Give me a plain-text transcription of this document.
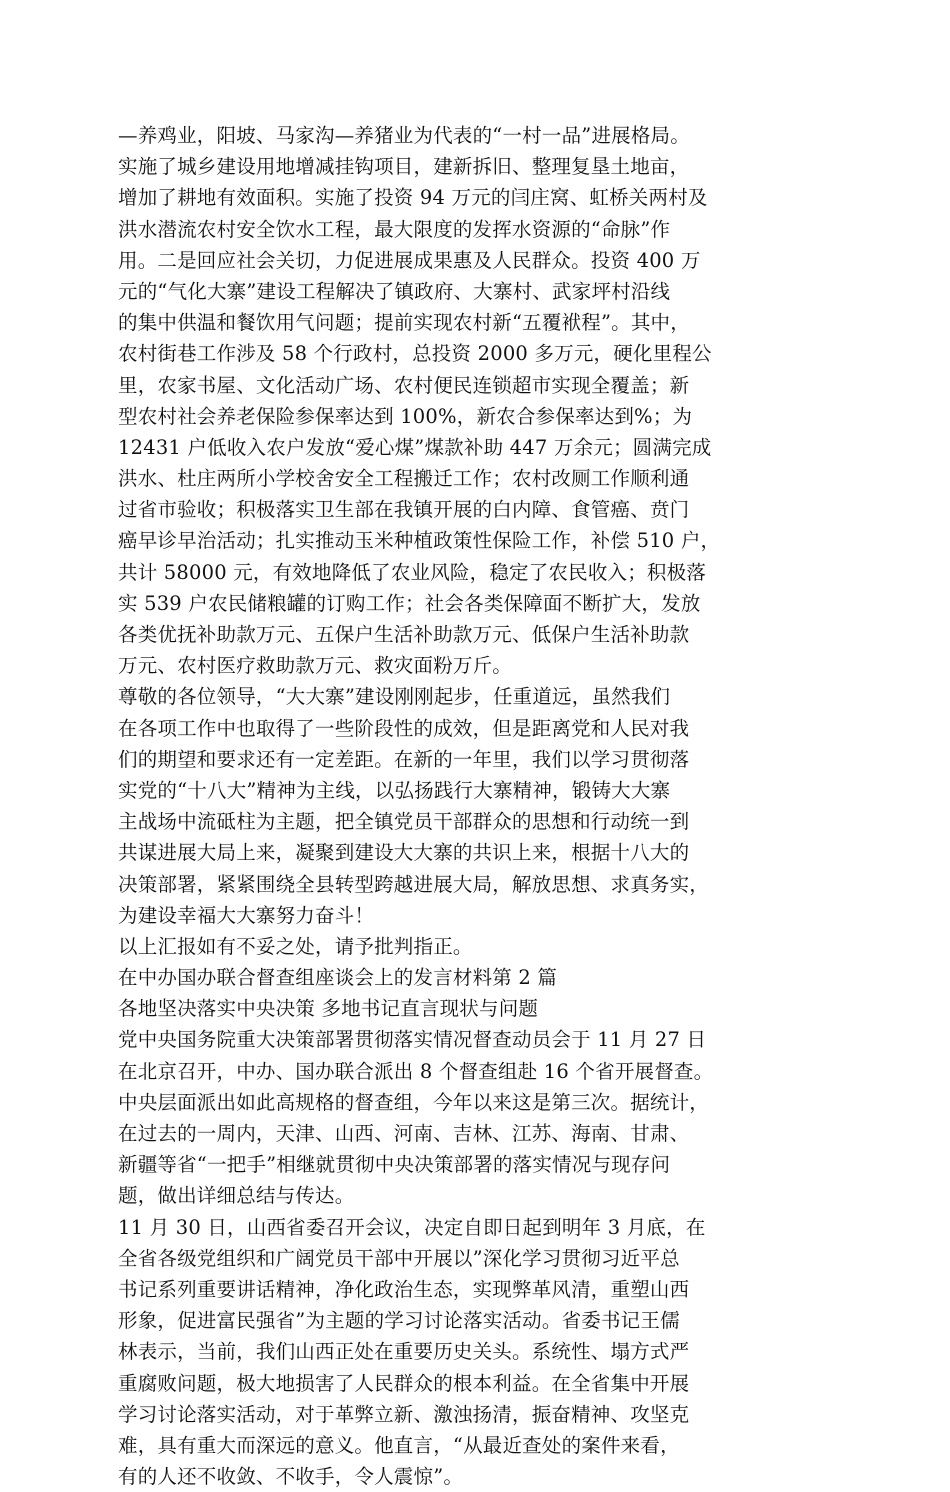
—养鸡业，阳坡、马家沟—养猪业为代表的“一村一品”进展格局。
实施了城乡建设用地增减挂钩项目，建新拆旧、整理复垦土地亩，
增加了耕地有效面积。实施了投资 94 万元的闫庄窝、虹桥关两村及
洪水潜流农村安全饮水工程，最大限度的发挥水资源的“命脉”作
用。二是回应社会关切，力促进展成果惠及人民群众。投资 400 万
元的“气化大寨”建设工程解决了镇政府、大寨村、武家坪村沿线
的集中供温和餐饮用气问题；提前实现农村新“五覆袱程”。其中，
农村街巷工作涉及 58 个行政村，总投资 2000 多万元，硬化里程公
里，农家书屋、文化活动广场、农村便民连锁超市实现全覆盖；新
型农村社会养老保险参保率达到 100%，新农合参保率达到%；为
12431 户低收入农户发放“爱心煤”煤款补助 447 万余元；圆满完成
洪水、杜庄两所小学校舍安全工程搬迁工作；农村改厕工作顺利通
过省市验收；积极落实卫生部在我镇开展的白内障、食管癌、贲门
癌早诊早治活动；扎实推动玉米种植政策性保险工作，补偿 510 户，
共计 58000 元，有效地降低了农业风险，稳定了农民收入；积极落
实 539 户农民储粮罐的订购工作；社会各类保障面不断扩大，发放
各类优抚补助款万元、五保户生活补助款万元、低保户生活补助款
万元、农村医疗救助款万元、救灾面粉万斤。
尊敬的各位领导，“大大寨”建设刚刚起步，任重道远，虽然我们
在各项工作中也取得了一些阶段性的成效，但是距离党和人民对我
们的期望和要求还有一定差距。在新的一年里，我们以学习贯彻落
实党的“十八大”精神为主线，以弘扬践行大寨精神，锻铸大大寨
主战场中流砥柱为主题，把全镇党员干部群众的思想和行动统一到
共谋进展大局上来，凝聚到建设大大寨的共识上来，根据十八大的
决策部署，紧紧围绕全县转型跨越进展大局，解放思想、求真务实，
为建设幸福大大寨努力奋斗！
以上汇报如有不妥之处，请予批判指正。
在中办国办联合督查组座谈会上的发言材料第 2 篇
各地坚决落实中央决策 多地书记直言现状与问题
党中央国务院重大决策部署贯彻落实情况督查动员会于 11 月 27 日
在北京召开，中办、国办联合派出 8 个督查组赴 16 个省开展督查。
中央层面派出如此高规格的督查组，今年以来这是第三次。据统计，
在过去的一周内，天津、山西、河南、吉林、江苏、海南、甘肃、
新疆等省“一把手”相继就贯彻中央决策部署的落实情况与现存问
题，做出详细总结与传达。
11 月 30 日，山西省委召开会议，决定自即日起到明年 3 月底，在
全省各级党组织和广阔党员干部中开展以”深化学习贯彻习近平总
书记系列重要讲话精神，净化政治生态，实现弊革风清，重塑山西
形象，促进富民强省”为主题的学习讨论落实活动。省委书记王儒
林表示，当前，我们山西正处在重要历史关头。系统性、塌方式严
重腐败问题，极大地损害了人民群众的根本利益。在全省集中开展
学习讨论落实活动，对于革弊立新、激浊扬清，振奋精神、攻坚克
难，具有重大而深远的意义。他直言，“从最近查处的案件来看，
有的人还不收敛、不收手，令人震惊”。
